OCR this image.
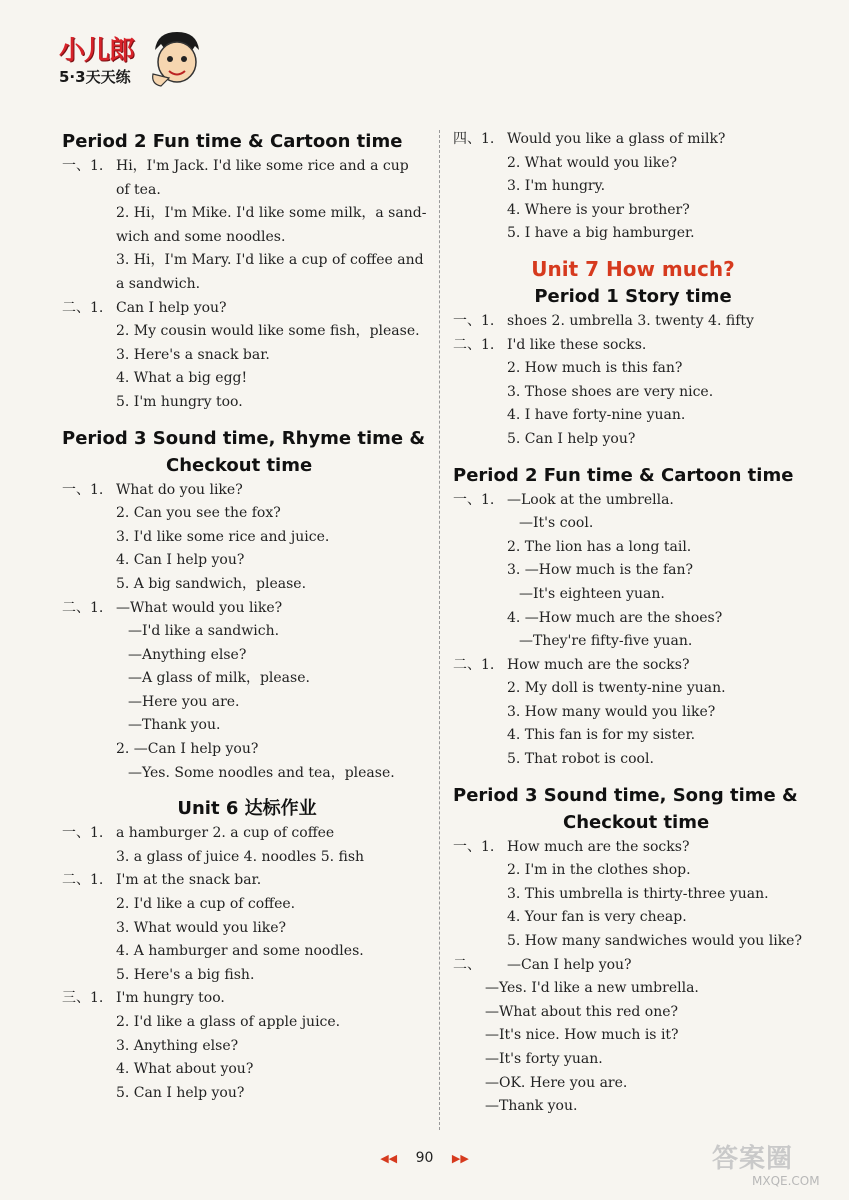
小儿郎
5·3天天练
Period 2 Fun time & Cartoon time
一、1. Hi，I'm Jack. I'd like some rice and a cup
of tea.
2. Hi，I'm Mike. I'd like some milk，a sand-
wich and some noodles.
3. Hi，I'm Mary. I'd like a cup of coffee and
a sandwich.
二、1. Can I help you?
2. My cousin would like some fish，please.
3. Here's a snack bar.
4. What a big egg!
5. I'm hungry too.
Period 3 Sound time, Rhyme time &
Checkout time
一、1. What do you like?
2. Can you see the fox?
3. I'd like some rice and juice.
4. Can I help you?
5. A big sandwich，please.
二、1. —What would you like?
—I'd like a sandwich.
—Anything else?
—A glass of milk，please.
—Here you are.
—Thank you.
2. —Can I help you?
—Yes. Some noodles and tea，please.
Unit 6 达标作业
一、1. a hamburger 2. a cup of coffee
3. a glass of juice 4. noodles 5. fish
二、1. I'm at the snack bar.
2. I'd like a cup of coffee.
3. What would you like?
4. A hamburger and some noodles.
5. Here's a big fish.
三、1. I'm hungry too.
2. I'd like a glass of apple juice.
3. Anything else?
4. What about you?
5. Can I help you?
四、1. Would you like a glass of milk?
2. What would you like?
3. I'm hungry.
4. Where is your brother?
5. I have a big hamburger.
Unit 7 How much?
Period 1 Story time
一、1. shoes 2. umbrella 3. twenty 4. fifty
二、1. I'd like these socks.
2. How much is this fan?
3. Those shoes are very nice.
4. I have forty-nine yuan.
5. Can I help you?
Period 2 Fun time & Cartoon time
一、1. —Look at the umbrella.
—It's cool.
2. The lion has a long tail.
3. —How much is the fan?
—It's eighteen yuan.
4. —How much are the shoes?
—They're fifty-five yuan.
二、1. How much are the socks?
2. My doll is twenty-nine yuan.
3. How many would you like?
4. This fan is for my sister.
5. That robot is cool.
Period 3 Sound time, Song time &
Checkout time
一、1. How much are the socks?
2. I'm in the clothes shop.
3. This umbrella is thirty-three yuan.
4. Your fan is very cheap.
5. How many sandwiches would you like?
二、 —Can I help you?
—Yes. I'd like a new umbrella.
—What about this red one?
—It's nice. How much is it?
—It's forty yuan.
—OK. Here you are.
—Thank you.
◀◀ 90 ▶▶	答案圈
MXQE.COM
